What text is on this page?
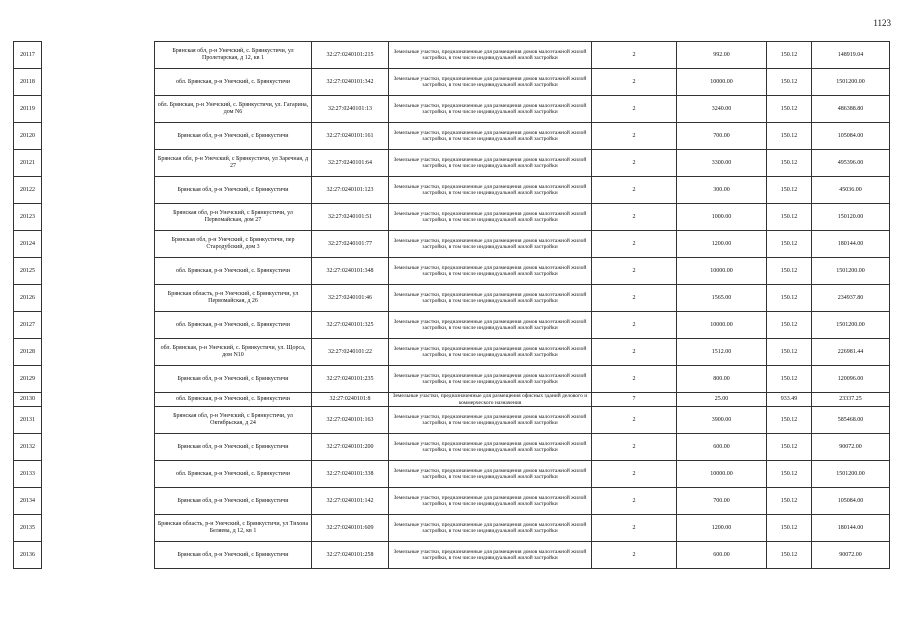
1123
20117		Брянская обл, р-н Унечский, с. Брянкустичи, ул Пролетарская, д 12, кв 1	32:27:0240101:215	Земельные участки, предназначенные для размещения домов малоэтажной жилой застройки, в том числе индивидуальной жилой застройки	2	992.00	150.12	148919.04
20118		обл. Брянская, р-н Унечский, с. Брянкустичи	32:27:0240101:342	Земельные участки, предназначенные для размещения домов малоэтажной жилой застройки, в том числе индивидуальной жилой застройки	2	10000.00	150.12	1501200.00
20119		обл. Брянская, р-н Унечский, с. Брянкустичи, ул. Гагарина, дом N6	32:27:0240101:13	Земельные участки, предназначенные для размещения домов малоэтажной жилой застройки, в том числе индивидуальной жилой застройки	2	3240.00	150.12	486388.80
20120		Брянская обл, р-н Унечский, с Брянкустичи	32:27:0240101:161	Земельные участки, предназначенные для размещения домов малоэтажной жилой застройки, в том числе индивидуальной жилой застройки	2	700.00	150.12	105084.00
20121		Брянская обл, р-н Унечский, с Брянкустичи, ул Заречная, д 27	32:27:0240101:64	Земельные участки, предназначенные для размещения домов малоэтажной жилой застройки, в том числе индивидуальной жилой застройки	2	3300.00	150.12	495396.00
20122		Брянская обл, р-н Унечский, с Брянкустичи	32:27:0240101:123	Земельные участки, предназначенные для размещения домов малоэтажной жилой застройки, в том числе индивидуальной жилой застройки	2	300.00	150.12	45036.00
20123		Брянская обл, р-н Унечский, с Брянкустичи, ул Первомайская, дом 27	32:27:0240101:51	Земельные участки, предназначенные для размещения домов малоэтажной жилой застройки, в том числе индивидуальной жилой застройки	2	1000.00	150.12	150120.00
20124		Брянская обл, р-н Унечский, с Брянкустичи, пер Стародубский, дом 3	32:27:0240101:77	Земельные участки, предназначенные для размещения домов малоэтажной жилой застройки, в том числе индивидуальной жилой застройки	2	1200.00	150.12	180144.00
20125		обл. Брянская, р-н Унечский, с. Брянкустичи	32:27:0240101:348	Земельные участки, предназначенные для размещения домов малоэтажной жилой застройки, в том числе индивидуальной жилой застройки	2	10000.00	150.12	1501200.00
20126		Брянская область, р-н Унечский, с Брянкустичи, ул Первомайская, д 26	32:27:0240101:46	Земельные участки, предназначенные для размещения домов малоэтажной жилой застройки, в том числе индивидуальной жилой застройки	2	1565.00	150.12	234937.80
20127		обл. Брянская, р-н Унечский, с. Брянкустичи	32:27:0240101:325	Земельные участки, предназначенные для размещения домов малоэтажной жилой застройки, в том числе индивидуальной жилой застройки	2	10000.00	150.12	1501200.00
20128		обл. Брянская, р-н Унечский, с. Брянкустичи, ул. Щорса, дом N10	32:27:0240101:22	Земельные участки, предназначенные для размещения домов малоэтажной жилой застройки, в том числе индивидуальной жилой застройки	2	1512.00	150.12	226981.44
20129		Брянская обл, р-н Унечский, с Брянкустичи	32:27:0240101:235	Земельные участки, предназначенные для размещения домов малоэтажной жилой застройки, в том числе индивидуальной жилой застройки	2	800.00	150.12	120096.00
20130		обл. Брянская, р-н Унечский, с. Брянкустичи	32:27:0240101:8	Земельные участки, предназначенные для размещения офисных зданий делового и коммерческого назначения	7	25.00	933.49	23337.25
20131		Брянская обл, р-н Унечский, с Брянкустичи, ул Октябрьская, д 24	32:27:0240101:163	Земельные участки, предназначенные для размещения домов малоэтажной жилой застройки, в том числе индивидуальной жилой застройки	2	3900.00	150.12	585468.00
20132		Брянская обл, р-н Унечский, с Брянкустичи	32:27:0240101:200	Земельные участки, предназначенные для размещения домов малоэтажной жилой застройки, в том числе индивидуальной жилой застройки	2	600.00	150.12	90072.00
20133		обл. Брянская, р-н Унечский, с. Брянкустичи	32:27:0240101:338	Земельные участки, предназначенные для размещения домов малоэтажной жилой застройки, в том числе индивидуальной жилой застройки	2	10000.00	150.12	1501200.00
20134		Брянская обл, р-н Унечский, с Брянкустичи	32:27:0240101:142	Земельные участки, предназначенные для размещения домов малоэтажной жилой застройки, в том числе индивидуальной жилой застройки	2	700.00	150.12	105084.00
20135		Брянская область, р-н Унечский, с Брянкустичи, ул Тихона Беляева, д 12, кв 1	32:27:0240101:609	Земельные участки, предназначенные для размещения домов малоэтажной жилой застройки, в том числе индивидуальной жилой застройки	2	1200.00	150.12	180144.00
20136		Брянская обл, р-н Унечский, с Брянкустичи	32:27:0240101:258	Земельные участки, предназначенные для размещения домов малоэтажной жилой застройки, в том числе индивидуальной жилой застройки	2	600.00	150.12	90072.00
